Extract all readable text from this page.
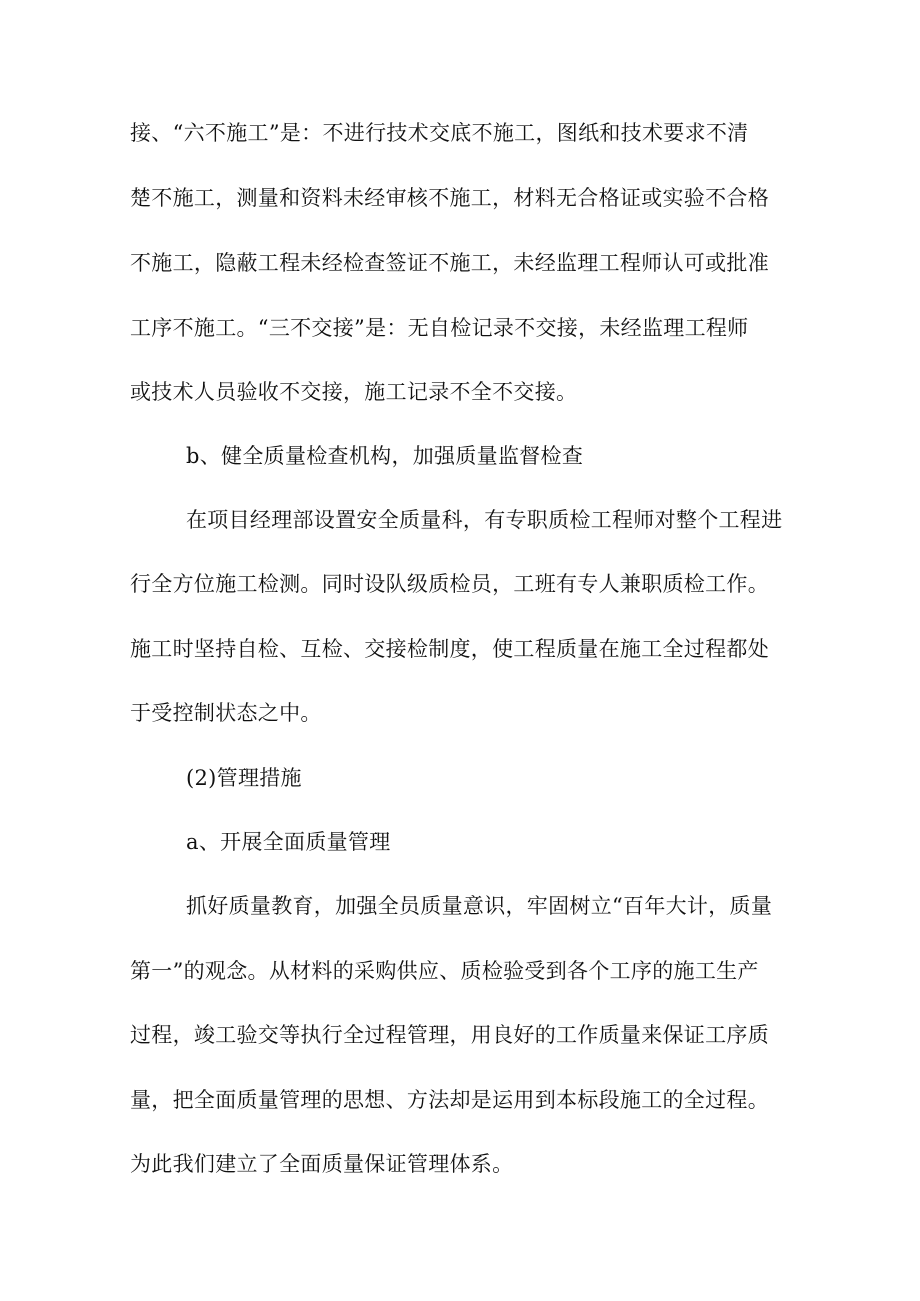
接、“六不施工”是：不进行技术交底不施工，图纸和技术要求不清
楚不施工，测量和资料未经审核不施工，材料无合格证或实验不合格
不施工，隐蔽工程未经检查签证不施工，未经监理工程师认可或批准
工序不施工。“三不交接”是：无自检记录不交接，未经监理工程师
或技术人员验收不交接，施工记录不全不交接。
b、健全质量检查机构，加强质量监督检查
在项目经理部设置安全质量科，有专职质检工程师对整个工程进
行全方位施工检测。同时设队级质检员，工班有专人兼职质检工作。
施工时坚持自检、互检、交接检制度，使工程质量在施工全过程都处
于受控制状态之中。
(2)管理措施
a、开展全面质量管理
抓好质量教育，加强全员质量意识，牢固树立“百年大计，质量
第一”的观念。从材料的采购供应、质检验受到各个工序的施工生产
过程，竣工验交等执行全过程管理，用良好的工作质量来保证工序质
量，把全面质量管理的思想、方法却是运用到本标段施工的全过程。
为此我们建立了全面质量保证管理体系。
